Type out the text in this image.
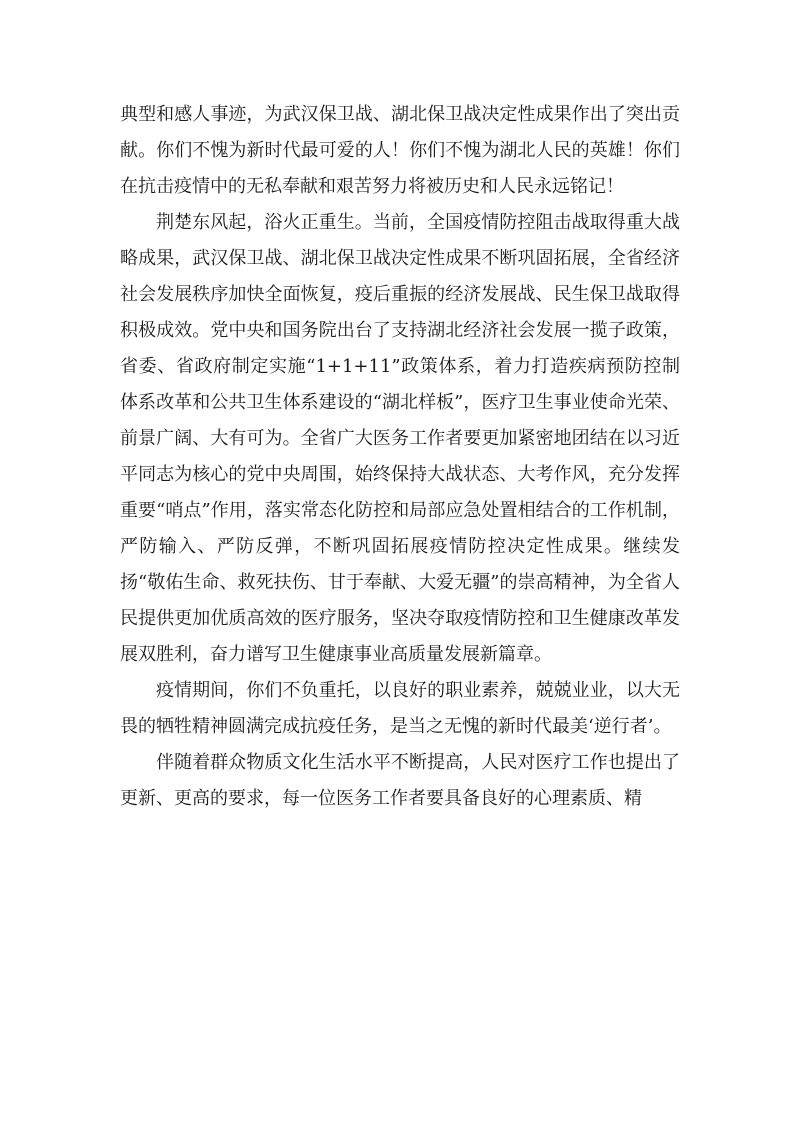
典型和感人事迹，为武汉保卫战、湖北保卫战决定性成果作出了突出贡献。你们不愧为新时代最可爱的人！你们不愧为湖北人民的英雄！你们在抗击疫情中的无私奉献和艰苦努力将被历史和人民永远铭记！

荆楚东风起，浴火正重生。当前，全国疫情防控阻击战取得重大战略成果，武汉保卫战、湖北保卫战决定性成果不断巩固拓展，全省经济社会发展秩序加快全面恢复，疫后重振的经济发展战、民生保卫战取得积极成效。党中央和国务院出台了支持湖北经济社会发展一揽子政策，省委、省政府制定实施“1+1+11”政策体系，着力打造疾病预防控制体系改革和公共卫生体系建设的“湖北样板”，医疗卫生事业使命光荣、前景广阔、大有可为。全省广大医务工作者要更加紧密地团结在以习近平同志为核心的党中央周围，始终保持大战状态、大考作风，充分发挥重要“哨点”作用，落实常态化防控和局部应急处置相结合的工作机制，严防输入、严防反弹，不断巩固拓展疫情防控决定性成果。继续发扬“敬佑生命、救死扶伤、甘于奉献、大爱无疆”的崇高精神，为全省人民提供更加优质高效的医疗服务，坚决夺取疫情防控和卫生健康改革发展双胜利，奋力谱写卫生健康事业高质量发展新篇章。

疫情期间，你们不负重托，以良好的职业素养，兢兢业业，以大无畏的牺牲精神圆满完成抗疫任务，是当之无愧的新时代最美‘逆行者’。

伴随着群众物质文化生活水平不断提高，人民对医疗工作也提出了更新、更高的要求，每一位医务工作者要具备良好的心理素质、精
